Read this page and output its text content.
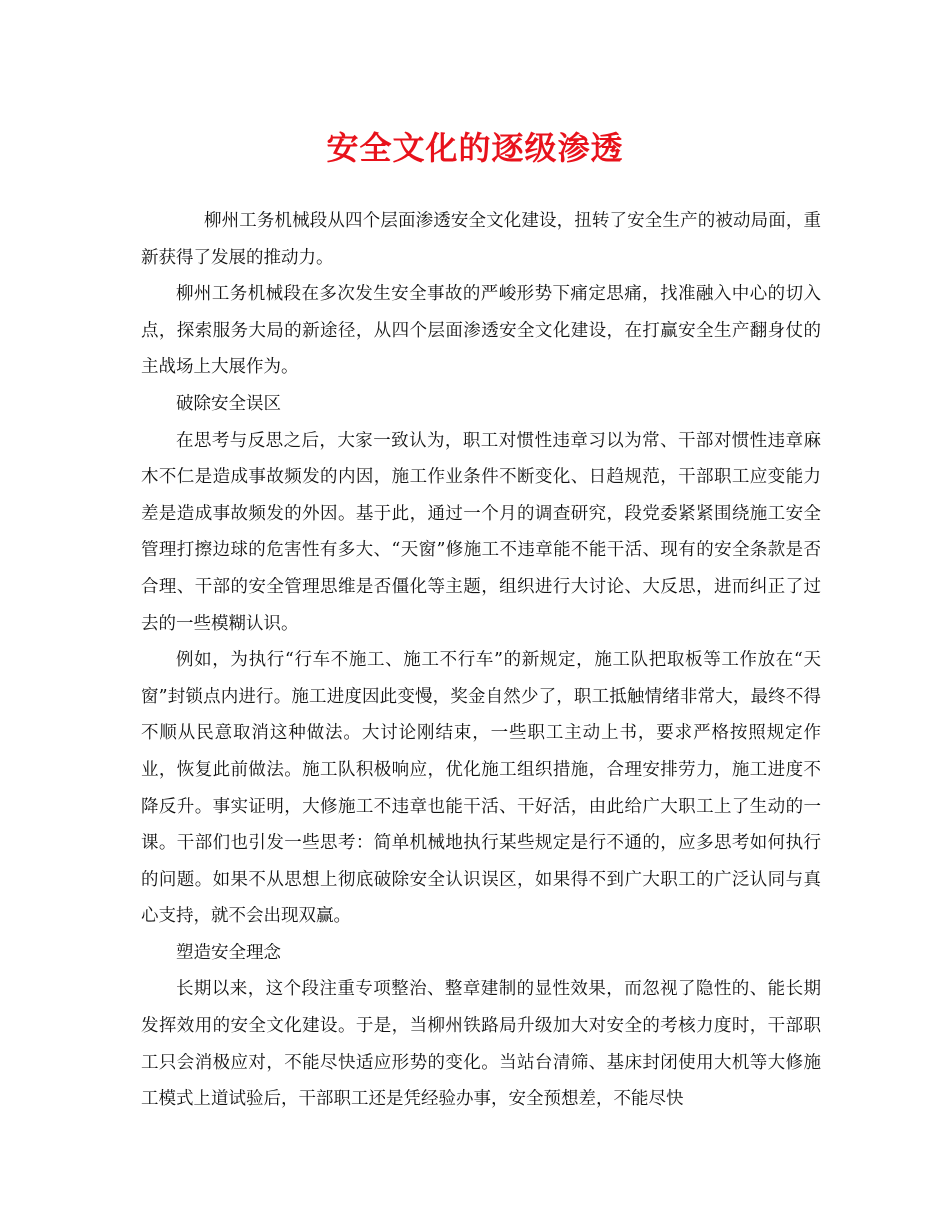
安全文化的逐级渗透

柳州工务机械段从四个层面渗透安全文化建设，扭转了安全生产的被动局面，重新获得了发展的推动力。

柳州工务机械段在多次发生安全事故的严峻形势下痛定思痛，找准融入中心的切入点，探索服务大局的新途径，从四个层面渗透安全文化建设，在打赢安全生产翻身仗的主战场上大展作为。

破除安全误区

在思考与反思之后，大家一致认为，职工对惯性违章习以为常、干部对惯性违章麻木不仁是造成事故频发的内因，施工作业条件不断变化、日趋规范，干部职工应变能力差是造成事故频发的外因。基于此，通过一个月的调查研究，段党委紧紧围绕施工安全管理打擦边球的危害性有多大、“天窗”修施工不违章能不能干活、现有的安全条款是否合理、干部的安全管理思维是否僵化等主题，组织进行大讨论、大反思，进而纠正了过去的一些模糊认识。

例如，为执行“行车不施工、施工不行车”的新规定，施工队把取板等工作放在“天窗”封锁点内进行。施工进度因此变慢，奖金自然少了，职工抵触情绪非常大，最终不得不顺从民意取消这种做法。大讨论刚结束，一些职工主动上书，要求严格按照规定作业，恢复此前做法。施工队积极响应，优化施工组织措施，合理安排劳力，施工进度不降反升。事实证明，大修施工不违章也能干活、干好活，由此给广大职工上了生动的一课。干部们也引发一些思考：简单机械地执行某些规定是行不通的，应多思考如何执行的问题。如果不从思想上彻底破除安全认识误区，如果得不到广大职工的广泛认同与真心支持，就不会出现双赢。

塑造安全理念

长期以来，这个段注重专项整治、整章建制的显性效果，而忽视了隐性的、能长期发挥效用的安全文化建设。于是，当柳州铁路局升级加大对安全的考核力度时，干部职工只会消极应对，不能尽快适应形势的变化。当站台清筛、基床封闭使用大机等大修施工模式上道试验后，干部职工还是凭经验办事，安全预想差，不能尽快
